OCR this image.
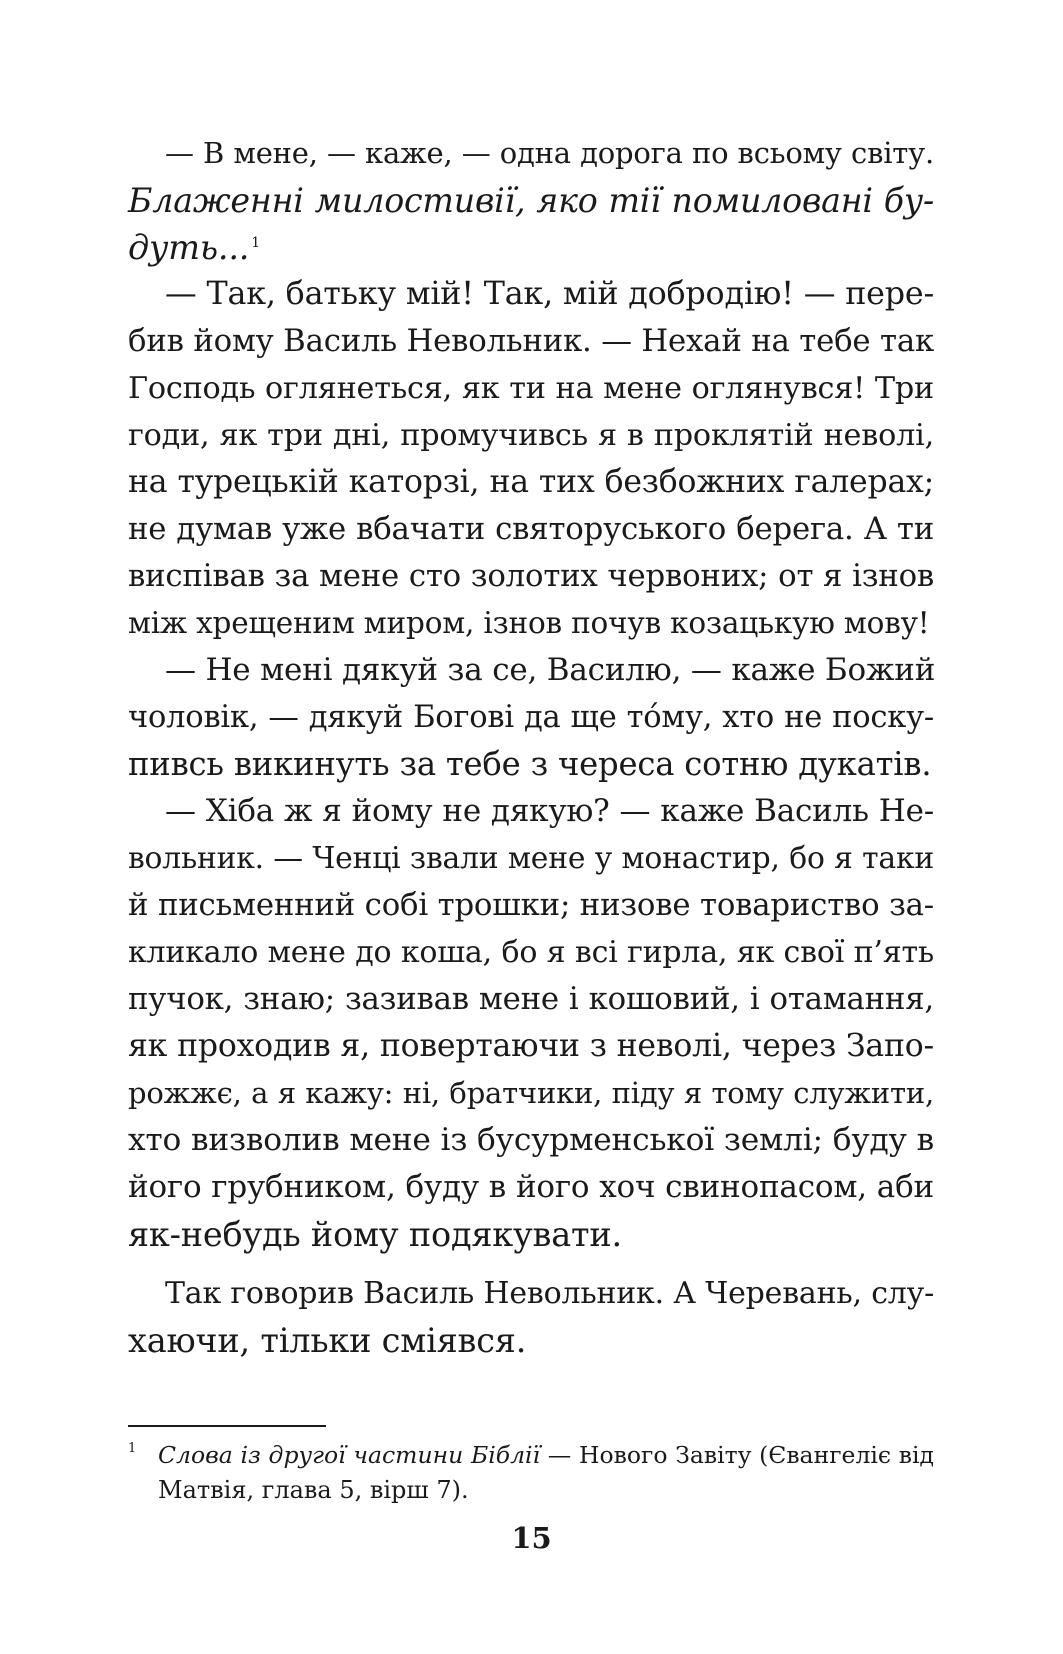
— В мене, — каже, — одна дорога по всьому світу.
Блаженні милостивії, яко тії помиловані бу-
дуть... $^1$
— Так, батьку мій! Так, мій добродію! — пере-
бив йому Василь Невольник. — Нехай на тебе так
Господь оглянеться, як ти на мене оглянувся! Три
годи, як три дні, промучивсь я в проклятій неволі,
на турецькій каторзі, на тих безбожних галерах;
не думав уже вбачати святоруського берега. А ти
виспівав за мене сто золотих червоних; от я ізнов
між хрещеним миром, ізнов почув козацькую мову!
— Не мені дякуй за се, Василю, — каже Божий
чоловік, — дякуй Богові да ще то́му, хто не поску-
пивсь викинуть за тебе з череса сотню дукатів.
— Хіба ж я йому не дякую? — каже Василь Не-
вольник. — Ченці звали мене у монастир, бо я таки
й письменний собі трошки; низове товариство за-
кликало мене до коша, бо я всі гирла, як свої п’ять
пучок, знаю; зазивав мене і кошовий, і отамання,
як проходив я, повертаючи з неволі, через Запо-
рожжє, а я кажу: ні, братчики, піду я тому служити,
хто визволив мене із бусурменської землі; буду в
його грубником, буду в його хоч свинопасом, аби
як-небудь йому подякувати.
Так говорив Василь Невольник. А Черевань, слу-
хаючи, тільки сміявся.
1 Слова із другої частини Біблії — Нового Завіту (Євангеліє від
Матвія, глава 5, вірш 7).
15
